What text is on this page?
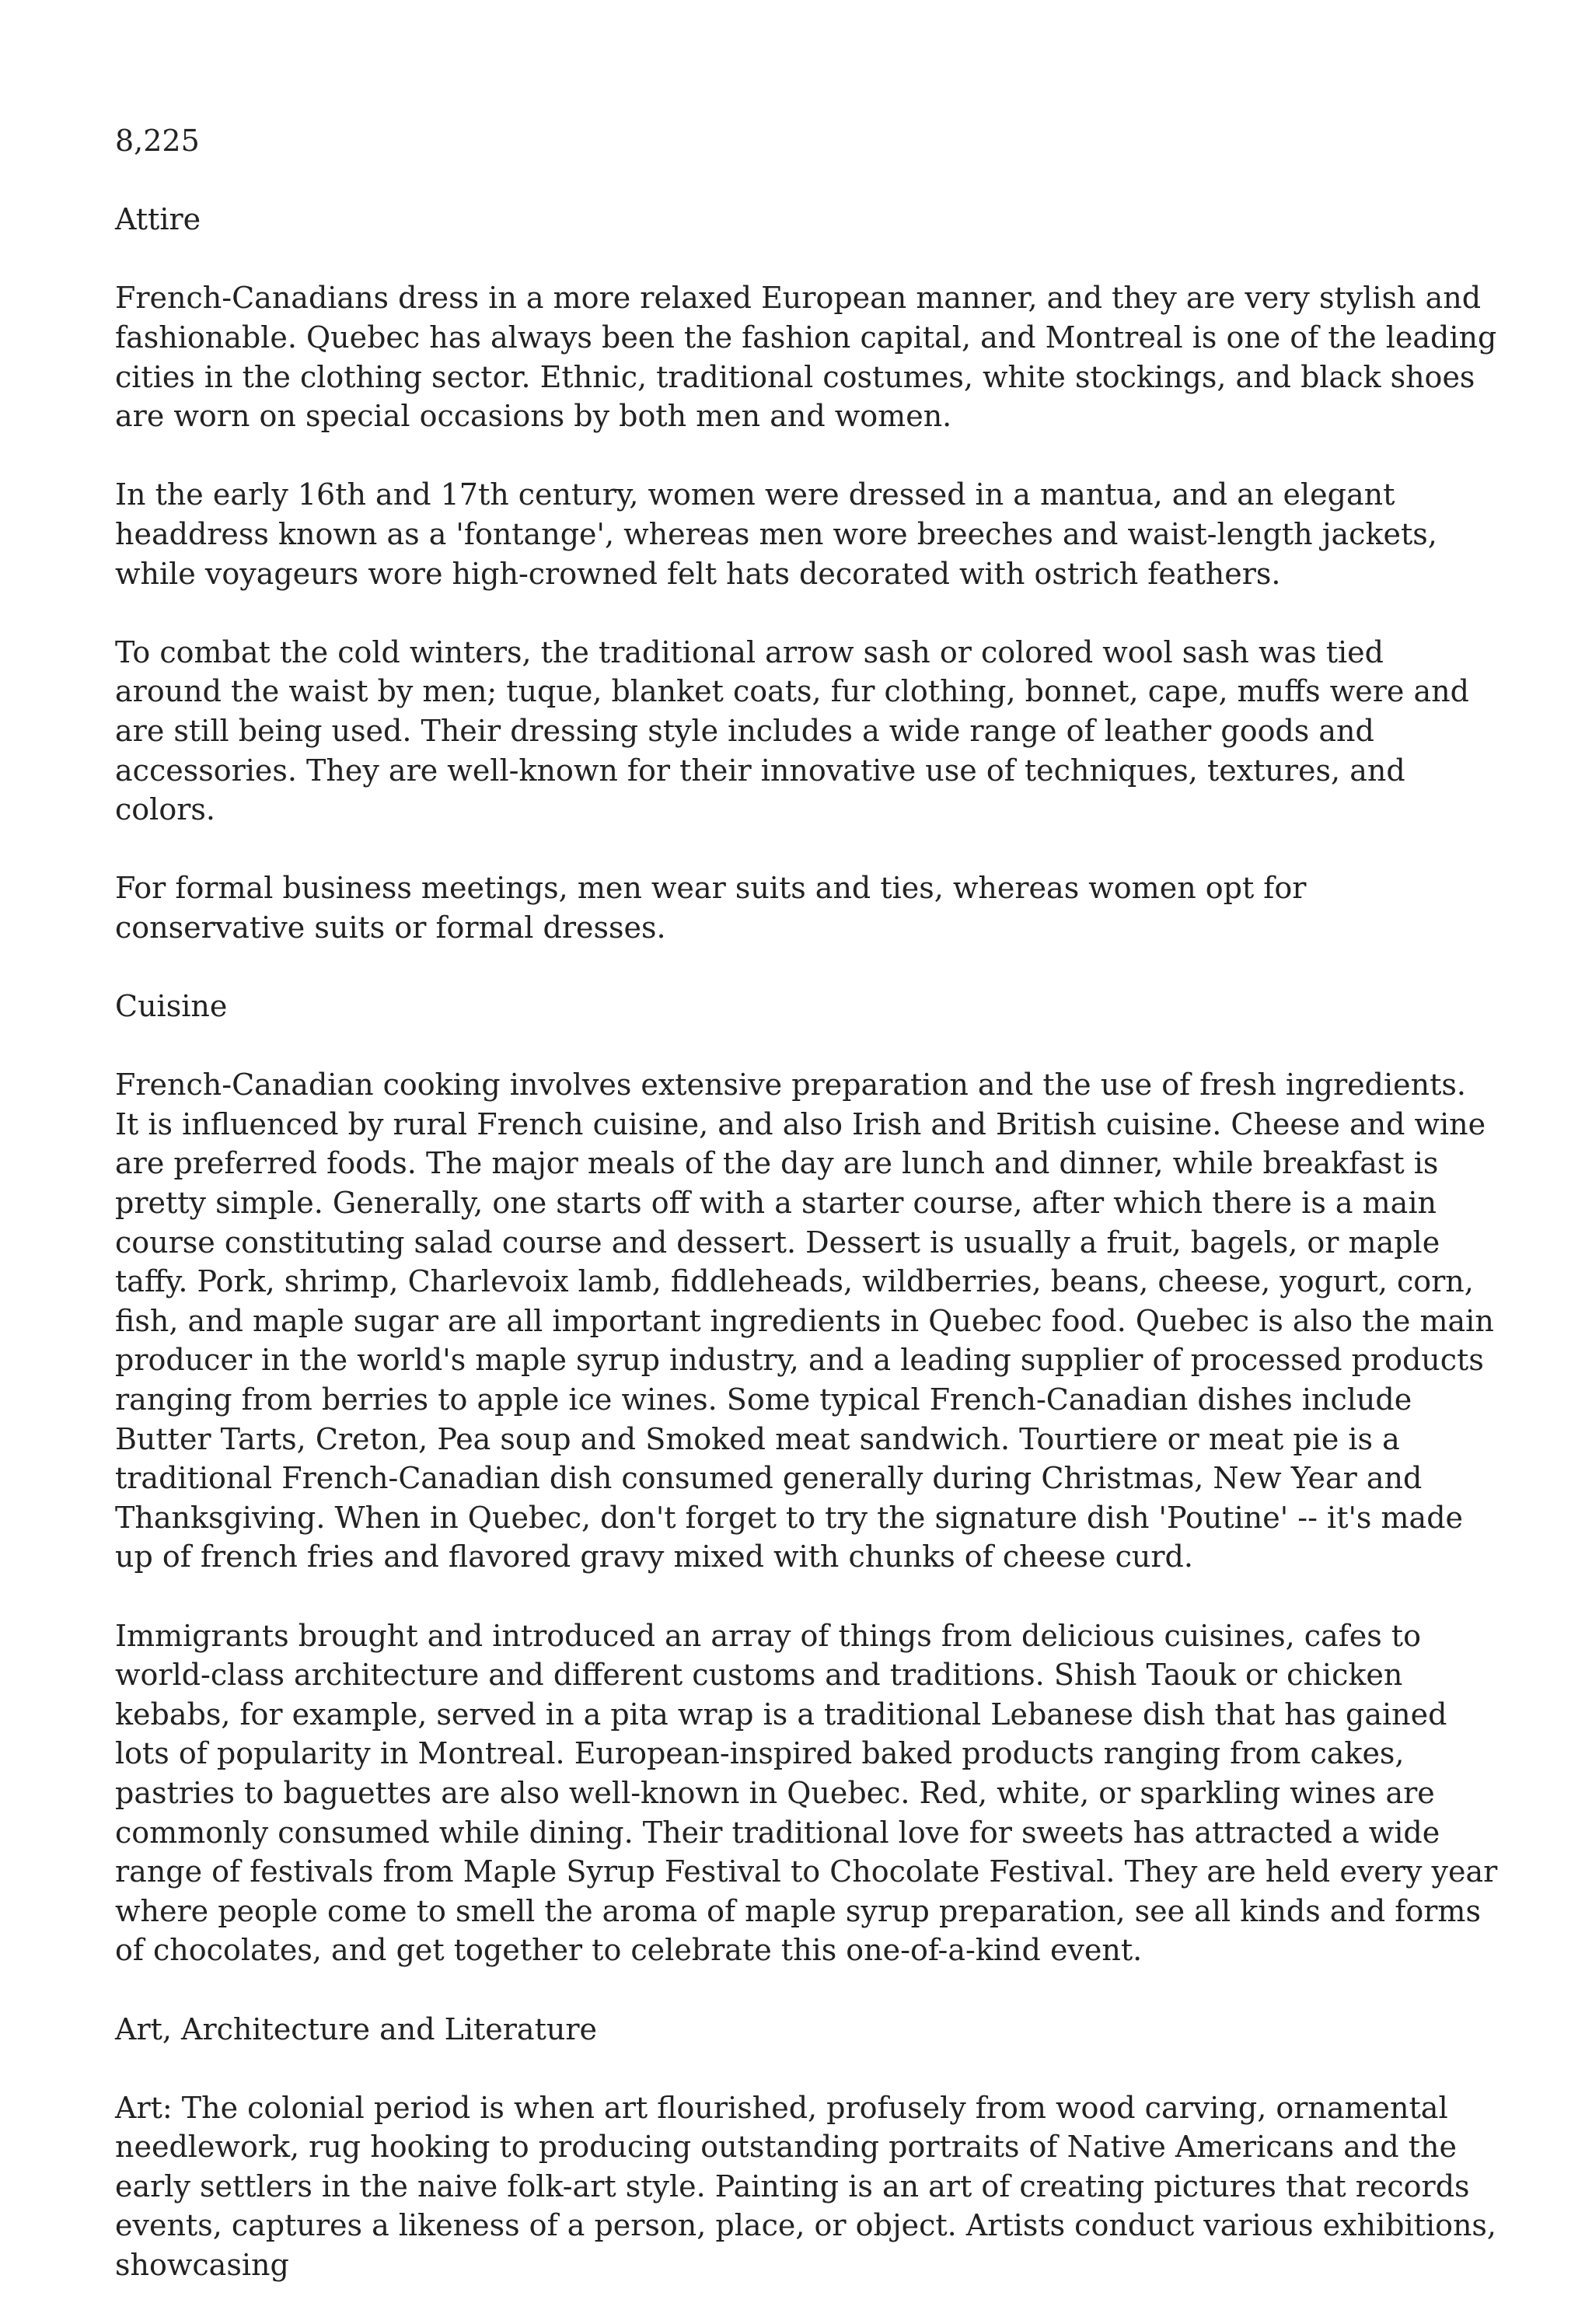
8,225

Attire

French-Canadians dress in a more relaxed European manner, and they are very stylish and fashionable. Quebec has always been the fashion capital, and Montreal is one of the leading cities in the clothing sector. Ethnic, traditional costumes, white stockings, and black shoes are worn on special occasions by both men and women.

In the early 16th and 17th century, women were dressed in a mantua, and an elegant headdress known as a 'fontange', whereas men wore breeches and waist-length jackets, while voyageurs wore high-crowned felt hats decorated with ostrich feathers.

To combat the cold winters, the traditional arrow sash or colored wool sash was tied around the waist by men; tuque, blanket coats, fur clothing, bonnet, cape, muffs were and are still being used. Their dressing style includes a wide range of leather goods and accessories. They are well-known for their innovative use of techniques, textures, and colors.

For formal business meetings, men wear suits and ties, whereas women opt for conservative suits or formal dresses.

Cuisine

French-Canadian cooking involves extensive preparation and the use of fresh ingredients. It is influenced by rural French cuisine, and also Irish and British cuisine. Cheese and wine are preferred foods. The major meals of the day are lunch and dinner, while breakfast is pretty simple. Generally, one starts off with a starter course, after which there is a main course constituting salad course and dessert. Dessert is usually a fruit, bagels, or maple taffy. Pork, shrimp, Charlevoix lamb, fiddleheads, wildberries, beans, cheese, yogurt, corn, fish, and maple sugar are all important ingredients in Quebec food. Quebec is also the main producer in the world's maple syrup industry, and a leading supplier of processed products ranging from berries to apple ice wines. Some typical French-Canadian dishes include Butter Tarts, Creton, Pea soup and Smoked meat sandwich. Tourtiere or meat pie is a traditional French-Canadian dish consumed generally during Christmas, New Year and Thanksgiving. When in Quebec, don't forget to try the signature dish 'Poutine' -- it's made up of french fries and flavored gravy mixed with chunks of cheese curd.

Immigrants brought and introduced an array of things from delicious cuisines, cafes to world-class architecture and different customs and traditions. Shish Taouk or chicken kebabs, for example, served in a pita wrap is a traditional Lebanese dish that has gained lots of popularity in Montreal. European-inspired baked products ranging from cakes, pastries to baguettes are also well-known in Quebec. Red, white, or sparkling wines are commonly consumed while dining. Their traditional love for sweets has attracted a wide range of festivals from Maple Syrup Festival to Chocolate Festival. They are held every year where people come to smell the aroma of maple syrup preparation, see all kinds and forms of chocolates, and get together to celebrate this one-of-a-kind event.

Art, Architecture and Literature

Art: The colonial period is when art flourished, profusely from wood carving, ornamental needlework, rug hooking to producing outstanding portraits of Native Americans and the early settlers in the naive folk-art style. Painting is an art of creating pictures that records events, captures a likeness of a person, place, or object. Artists conduct various exhibitions, showcasing
